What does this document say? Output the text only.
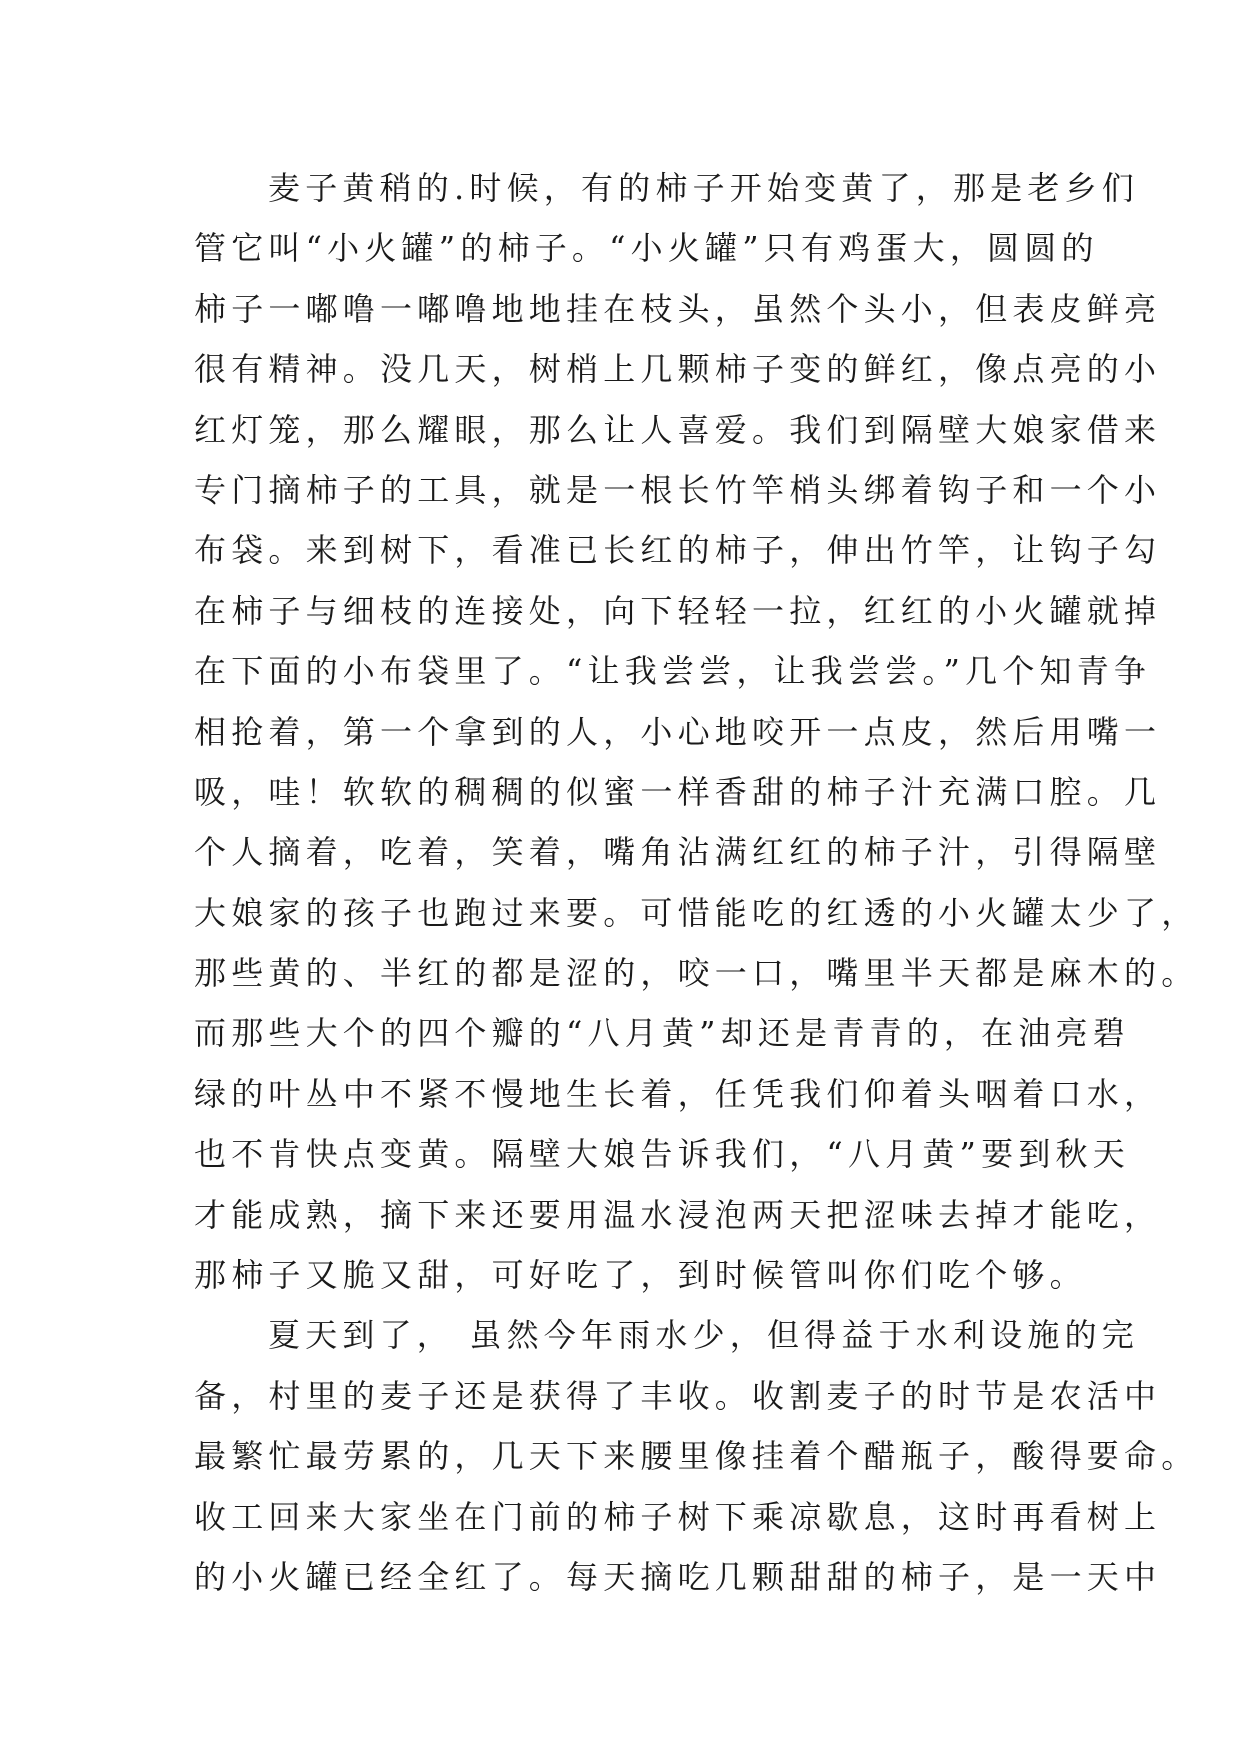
麦子黄稍的.时候，有的柿子开始变黄了，那是老乡们
管它叫“小火罐”的柿子。“小火罐”只有鸡蛋大，圆圆的
柿子一嘟噜一嘟噜地地挂在枝头，虽然个头小，但表皮鲜亮
很有精神。没几天，树梢上几颗柿子变的鲜红，像点亮的小
红灯笼，那么耀眼，那么让人喜爱。我们到隔壁大娘家借来
专门摘柿子的工具，就是一根长竹竿梢头绑着钩子和一个小
布袋。来到树下，看准已长红的柿子，伸出竹竿，让钩子勾
在柿子与细枝的连接处，向下轻轻一拉，红红的小火罐就掉
在下面的小布袋里了。“让我尝尝，让我尝尝。”几个知青争
相抢着，第一个拿到的人，小心地咬开一点皮，然后用嘴一
吸，哇！软软的稠稠的似蜜一样香甜的柿子汁充满口腔。几
个人摘着，吃着，笑着，嘴角沾满红红的柿子汁，引得隔壁
大娘家的孩子也跑过来要。可惜能吃的红透的小火罐太少了，
那些黄的、半红的都是涩的，咬一口，嘴里半天都是麻木的。
而那些大个的四个瓣的“八月黄”却还是青青的，在油亮碧
绿的叶丛中不紧不慢地生长着，任凭我们仰着头咽着口水，
也不肯快点变黄。隔壁大娘告诉我们，“八月黄”要到秋天
才能成熟，摘下来还要用温水浸泡两天把涩味去掉才能吃，
那柿子又脆又甜，可好吃了，到时候管叫你们吃个够。

夏天到了， 虽然今年雨水少，但得益于水利设施的完
备，村里的麦子还是获得了丰收。收割麦子的时节是农活中
最繁忙最劳累的，几天下来腰里像挂着个醋瓶子，酸得要命。
收工回来大家坐在门前的柿子树下乘凉歇息，这时再看树上
的小火罐已经全红了。每天摘吃几颗甜甜的柿子，是一天中
